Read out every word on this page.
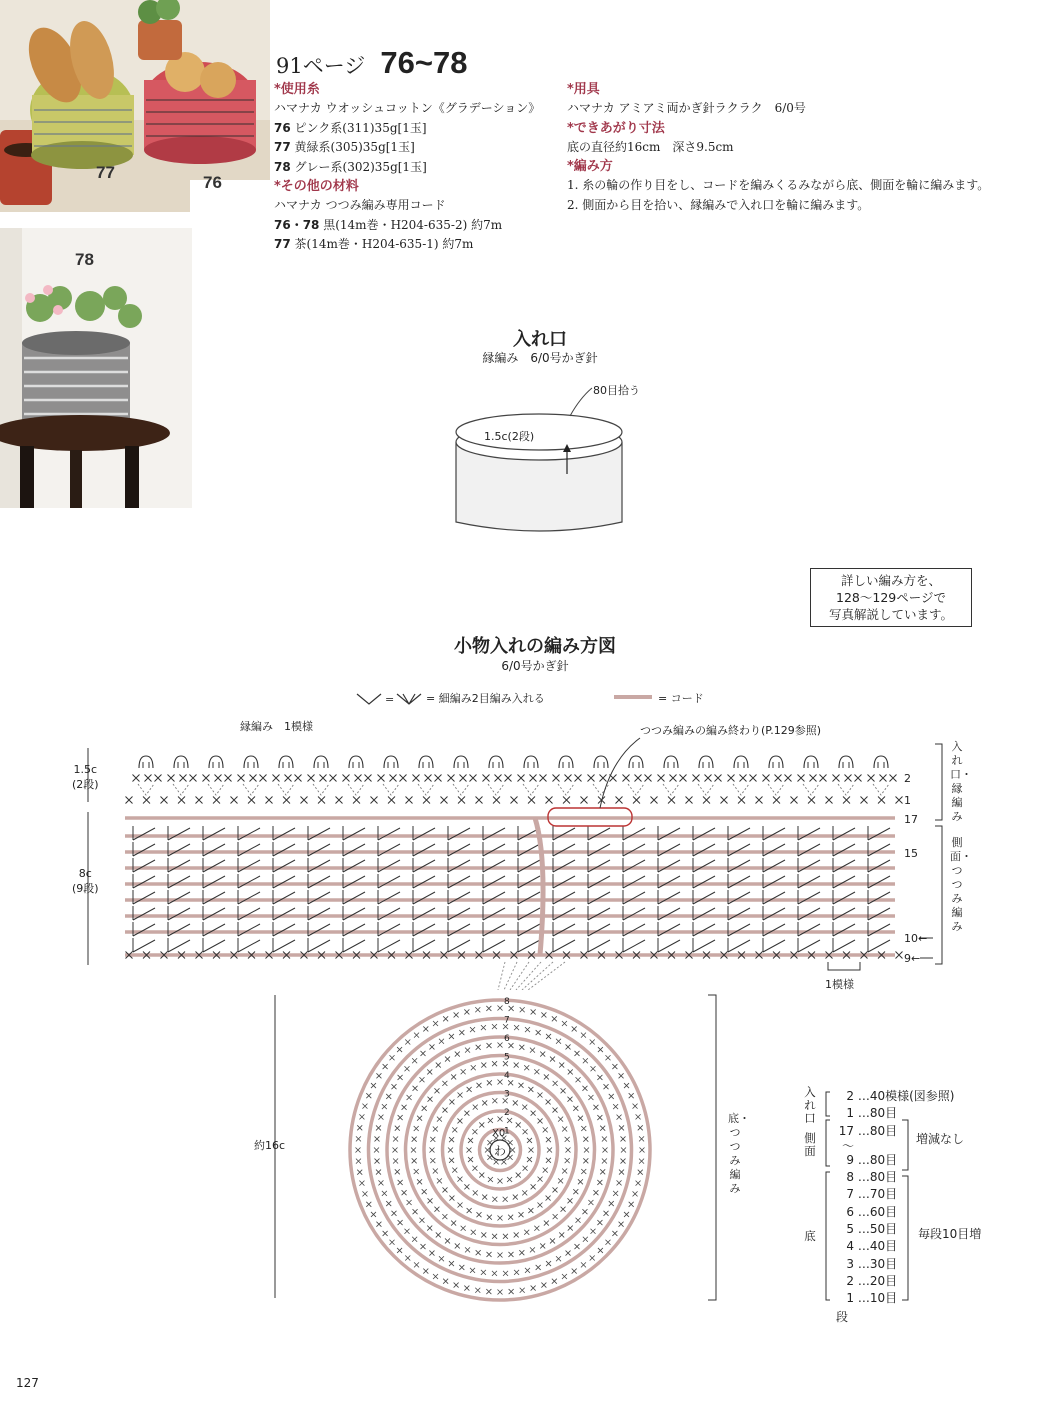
77
76
78
91ページ 76~78
*使用糸
ハマナカ ウオッシュコットン《グラデーション》
76 ピンク系(311)35g[1玉]
77 黄緑系(305)35g[1玉]
78 グレー系(302)35g[1玉]
*その他の材料
ハマナカ つつみ編み専用コード
76・78 黒(14m巻・H204-635-2) 約7m
77 茶(14m巻・H204-635-1) 約7m
*用具
ハマナカ アミアミ両かぎ針ラクラク　6/0号
*できあがり寸法
底の直径約16cm　深さ9.5cm
*編み方
1. 糸の輪の作り目をし、コードを編みくるみながら底、側面を輪に編みます。
2. 側面から目を拾い、縁編みで入れ口を輪に編みます。
入れ口
縁編み　6/0号かぎ針
80目拾う
1.5c(2段)
詳しい編み方を、
128〜129ページで
写真解説しています。
小物入れの編み方図
6/0号かぎ針
=	= 細編み2目編み入れる	= コード
縁編み　1模様	つつみ編みの編み終わり(P.129参照)
1.5c
(2段)
8c
(9段)
2
1
17
15
10←
9←
入れ口・縁編み
側面・つつみ編み
1模様
わ
X0
1
2
3
4
5
6
7
8
約16c
底・つつみ編み
入れ口
側面
底
2 …40模様(図参照)
1 …80目
17 …80目
〜
9 …80目
8 …80目
7 …70目
6 …60目
5 …50目
4 …40目
3 …30目
2 …20目
1 …10目
増減なし
毎段10目増
段
127
